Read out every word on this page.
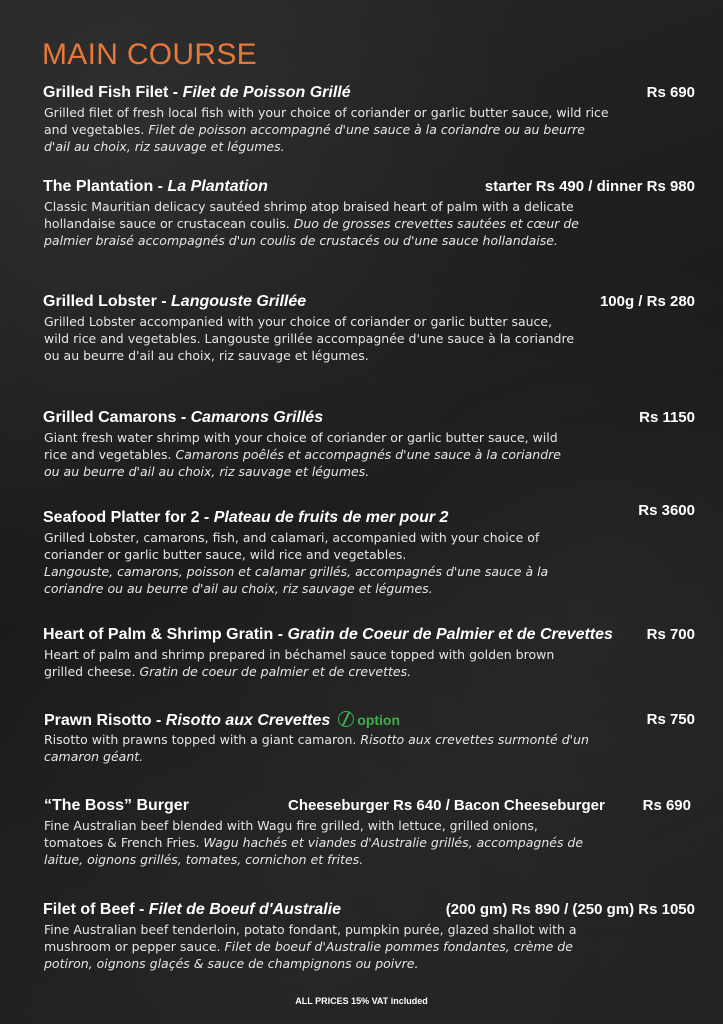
MAIN COURSE
Grilled Fish Filet - Filet de Poisson Grillé	Rs 690

Grilled filet of fresh local fish with your choice of coriander or garlic butter sauce, wild rice and vegetables. Filet de poisson accompagné d'une sauce à la coriandre ou au beurre d'ail au choix, riz sauvage et légumes.

The Plantation - La Plantation	starter Rs 490 / dinner Rs 980

Classic Mauritian delicacy sautéed shrimp atop braised heart of palm with a delicate hollandaise sauce or crustacean coulis. Duo de grosses crevettes sautées et cœur de palmier braisé accompagnés d'un coulis de crustacés ou d'une sauce hollandaise.

Grilled Lobster - Langouste Grillée	100g / Rs 280

Grilled Lobster accompanied with your choice of coriander or garlic butter sauce, wild rice and vegetables. Langouste grillée accompagnée d'une sauce à la coriandre ou au beurre d'ail au choix, riz sauvage et légumes.

Grilled Camarons - Camarons Grillés	Rs 1150

Giant fresh water shrimp with your choice of coriander or garlic butter sauce, wild rice and vegetables. Camarons poêlés et accompagnés d'une sauce à la coriandre ou au beurre d'ail au choix, riz sauvage et légumes.

Seafood Platter for 2 - Plateau de fruits de mer pour 2	Rs 3600

Grilled Lobster, camarons, fish, and calamari, accompanied with your choice of coriander or garlic butter sauce, wild rice and vegetables.
Langouste, camarons, poisson et calamar grillés, accompagnés d'une sauce à la coriandre ou au beurre d'ail au choix, riz sauvage et légumes.

Heart of Palm & Shrimp Gratin - Gratin de Coeur de Palmier et de Crevettes Rs 700

Heart of palm and shrimp prepared in béchamel sauce topped with golden brown grilled cheese. Gratin de coeur de palmier et de crevettes.

Prawn Risotto - Risotto aux Crevettes option	Rs 750

Risotto with prawns topped with a giant camaron. Risotto aux crevettes surmonté d'un camaron géant.

“The Boss” Burger	Cheeseburger Rs 640 / Bacon Cheeseburger	Rs 690

Fine Australian beef blended with Wagu fire grilled, with lettuce, grilled onions, tomatoes & French Fries. Wagu hachés et viandes d'Australie grillés, accompagnés de laitue, oignons grillés, tomates, cornichon et frites.

Filet of Beef - Filet de Boeuf d'Australie	(200 gm) Rs 890 / (250 gm) Rs 1050

Fine Australian beef tenderloin, potato fondant, pumpkin purée, glazed shallot with a mushroom or pepper sauce. Filet de boeuf d'Australie pommes fondantes, crème de potiron, oignons glaçés & sauce de champignons ou poivre.

ALL PRICES 15% VAT included
